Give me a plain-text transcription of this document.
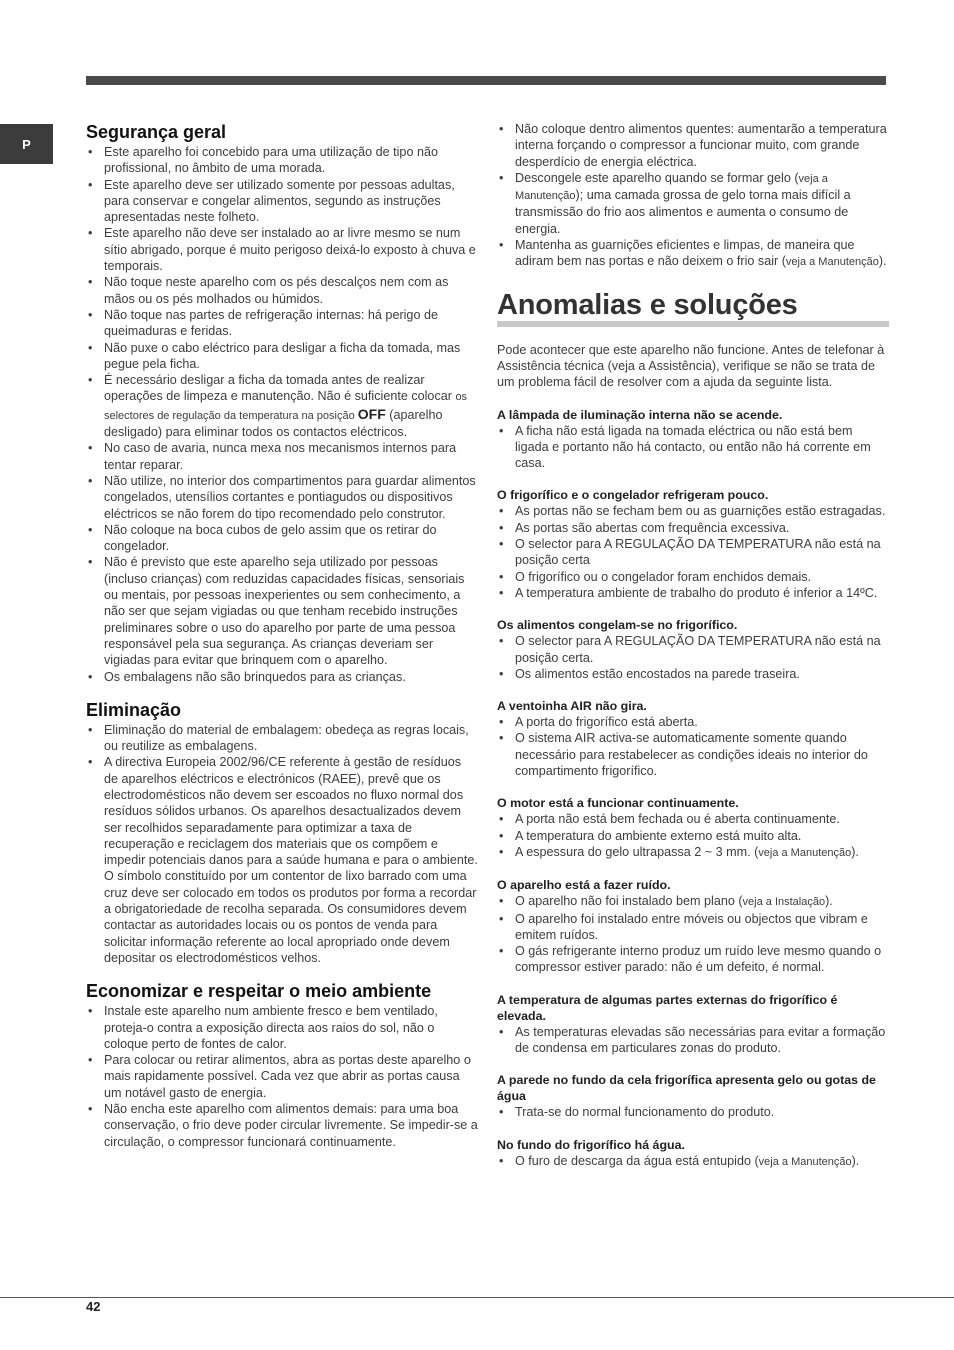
P
Segurança geral
• Este aparelho foi concebido para uma utilização de tipo não profissional, no âmbito de uma morada.
• Este aparelho deve ser utilizado somente por pessoas adultas, para conservar e congelar alimentos, segundo as instruções apresentadas neste folheto.
• Este aparelho não deve ser instalado ao ar livre mesmo se num sítio abrigado, porque é muito perigoso deixá-lo exposto à chuva e temporais.
• Não toque neste aparelho com os pés descalços nem com as mãos ou os pés molhados ou húmidos.
• Não toque nas partes de refrigeração internas: há perigo de queimaduras e feridas.
• Não puxe o cabo eléctrico para desligar a ficha da tomada, mas pegue pela ficha.
• É necessário desligar a ficha da tomada antes de realizar operações de limpeza e manutenção. Não é suficiente colocar os selectores de regulação da temperatura na posição OFF (aparelho desligado) para eliminar todos os contactos eléctricos.
• No caso de avaria, nunca mexa nos mecanismos internos para tentar reparar.
• Não utilize, no interior dos compartimentos para guardar alimentos congelados, utensílios cortantes e pontiagudos ou dispositivos eléctricos se não forem do tipo recomendado pelo construtor.
• Não coloque na boca cubos de gelo assim que os retirar do congelador.
• Não é previsto que este aparelho seja utilizado por pessoas (incluso crianças) com reduzidas capacidades físicas, sensoriais ou mentais, por pessoas inexperientes ou sem conhecimento, a não ser que sejam vigiadas ou que tenham recebido instruções preliminares sobre o uso do aparelho por parte de uma pessoa responsável pela sua segurança. As crianças deveriam ser vigiadas para evitar que brinquem com o aparelho.
• Os embalagens não são brinquedos para as crianças.
Eliminação
• Eliminação do material de embalagem: obedeça as regras locais, ou reutilize as embalagens.
• A directiva Europeia 2002/96/CE referente à gestão de resíduos de aparelhos eléctricos e electrónicos (RAEE), prevê que os electrodomésticos não devem ser escoados no fluxo normal dos resíduos sólidos urbanos. Os aparelhos desactualizados devem ser recolhidos separadamente para optimizar a taxa de recuperação e reciclagem dos materiais que os compõem e impedir potenciais danos para a saúde humana e para o ambiente. O símbolo constituído por um contentor de lixo barrado com uma cruz deve ser colocado em todos os produtos por forma a recordar a obrigatoriedade de recolha separada. Os consumidores devem contactar as autoridades locais ou os pontos de venda para solicitar informação referente ao local apropriado onde devem depositar os electrodomésticos velhos.
Economizar e respeitar o meio ambiente
• Instale este aparelho num ambiente fresco e bem ventilado, proteja-o contra a exposição directa aos raios do sol, não o coloque perto de fontes de calor.
• Para colocar ou retirar alimentos, abra as portas deste aparelho o mais rapidamente possível. Cada vez que abrir as portas causa um notável gasto de energia.
• Não encha este aparelho com alimentos demais: para uma boa conservação, o frio deve poder circular livremente. Se impedir-se a circulação, o compressor funcionará continuamente.
• Não coloque dentro alimentos quentes: aumentarão a temperatura interna forçando o compressor a funcionar muito, com grande desperdício de energia eléctrica.
• Descongele este aparelho quando se formar gelo (veja a Manutenção); uma camada grossa de gelo torna mais difícil a transmissão do frio aos alimentos e aumenta o consumo de energia.
• Mantenha as guarnições eficientes e limpas, de maneira que adiram bem nas portas e não deixem o frio sair (veja a Manutenção).
Anomalias e soluções

Pode acontecer que este aparelho não funcione. Antes de telefonar à Assistência técnica (veja a Assistência), verifique se não se trata de um problema fácil de resolver com a ajuda da seguinte lista.

A lâmpada de iluminação interna não se acende.

• A ficha não está ligada na tomada eléctrica ou não está bem ligada e portanto não há contacto, ou então não há corrente em casa.

O frigorífico e o congelador refrigeram pouco.

• As portas não se fecham bem ou as guarnições estão estragadas.
• As portas são abertas com frequência excessiva.
• O selector para A REGULAÇÃO DA TEMPERATURA não está na posição certa
• O frigorífico ou o congelador foram enchidos demais.
• A temperatura ambiente de trabalho do produto é inferior a 14ºC.

Os alimentos congelam-se no frigorífico.

• O selector para A REGULAÇÃO DA TEMPERATURA não está na posição certa.
• Os alimentos estão encostados na parede traseira.

A ventoinha AIR não gira.

• A porta do frigorífico está aberta.
• O sistema AIR activa-se automaticamente somente quando necessário para restabelecer as condições ideais no interior do compartimento frigorífico.

O motor está a funcionar continuamente.

• A porta não está bem fechada ou é aberta continuamente.
• A temperatura do ambiente externo está muito alta.
• A espessura do gelo ultrapassa 2 ~ 3 mm. (veja a Manutenção).

O aparelho está a fazer ruído.

• O aparelho não foi instalado bem plano (veja a Instalação).
• O aparelho foi instalado entre móveis ou objectos que vibram e emitem ruídos.
• O gás refrigerante interno produz um ruído leve mesmo quando o compressor estiver parado: não é um defeito, é normal.

A temperatura de algumas partes externas do frigorífico é elevada.

• As temperaturas elevadas são necessárias para evitar a formação de condensa em particulares zonas do produto.

A parede no fundo da cela frigorífica apresenta gelo ou gotas de água

• Trata-se do normal funcionamento do produto.

No fundo do frigorífico há água.

• O furo de descarga da água está entupido (veja a Manutenção).
42
